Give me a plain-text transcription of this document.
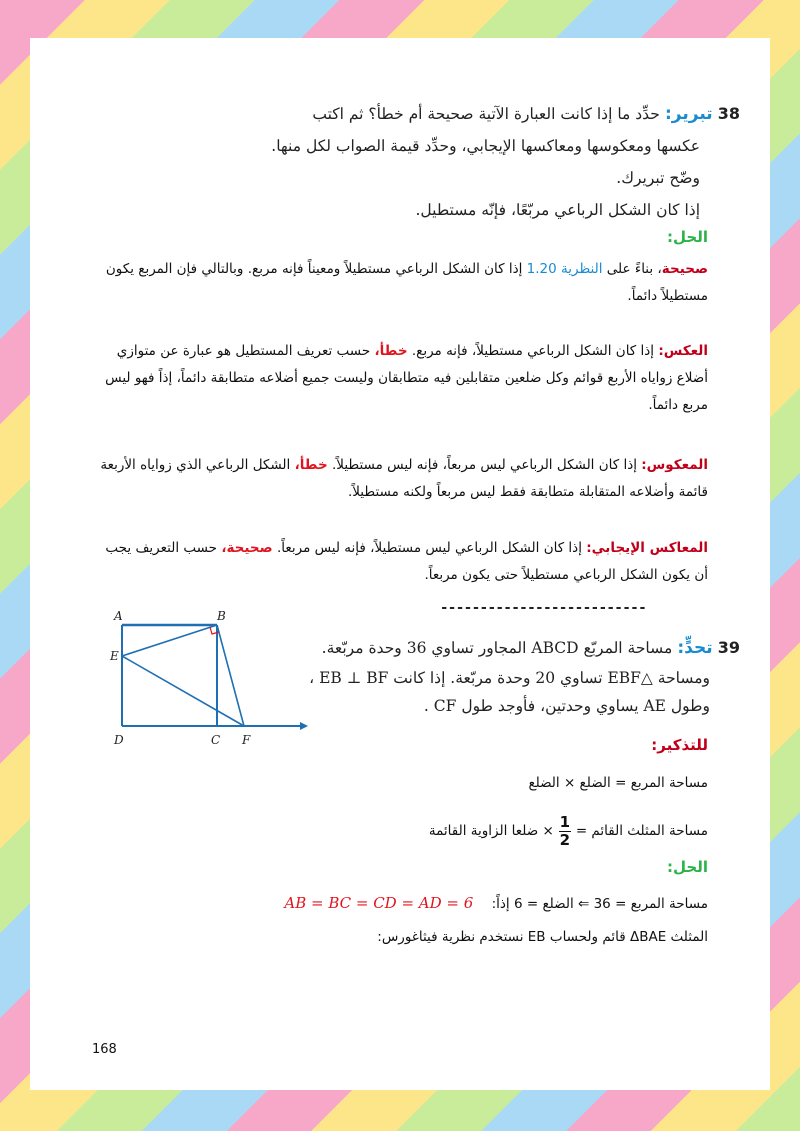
38 تبرير: حدِّد ما إذا كانت العبارة الآتية صحيحة أم خطأ؟ ثم اكتب
عكسها ومعكوسها ومعاكسها الإيجابي، وحدِّد قيمة الصواب لكل منها.
وضّح تبريرك.
إذا كان الشكل الرباعي مربّعًا، فإنّه مستطيل.
الحل:
صحيحة، بناءً على النظرية 1.20 إذا كان الشكل الرباعي مستطيلاً ومعيناً فإنه مربع. وبالتالي فإن المربع يكون مستطيلاً دائماً.
العكس: إذا كان الشكل الرباعي مستطيلاً، فإنه مربع. خطأ، حسب تعريف المستطيل هو عبارة عن متوازي أضلاع زواياه الأربع قوائم وكل ضلعين متقابلين فيه متطابقان وليست جميع أضلاعه متطابقة دائماً، إذاً فهو ليس مربع دائماً.
المعكوس: إذا كان الشكل الرباعي ليس مربعاً، فإنه ليس مستطيلاً. خطأ، الشكل الرباعي الذي زواياه الأربعة قائمة وأضلاعه المتقابلة متطابقة فقط ليس مربعاً ولكنه مستطيلاً.
المعاكس الإيجابي: إذا كان الشكل الرباعي ليس مستطيلاً، فإنه ليس مربعاً. صحيحة، حسب التعريف يجب أن يكون الشكل الرباعي مستطيلاً حتى يكون مربعاً.
--------------------------
A	B
E
D	C F
39 تحدٍّ: مساحة المربّع ABCD المجاور تساوي 36 وحدة مربّعة.
ومساحة △EBF تساوي 20 وحدة مربّعة. إذا كانت EB ⊥ BF ،
وطول AE يساوي وحدتين، فأوجد طول CF .
للتذكير:
مساحة المربع = الضلع × الضلع
مساحة المثلث القائم =
1
2
× ضلعا الزاوية القائمة
الحل:
مساحة المربع = 36 ⇐ الضلع = 6 إذاً: AB = BC = CD = AD = 6
المثلث ΔBAE قائم ولحساب EB نستخدم نظرية فيثاغورس:
168
